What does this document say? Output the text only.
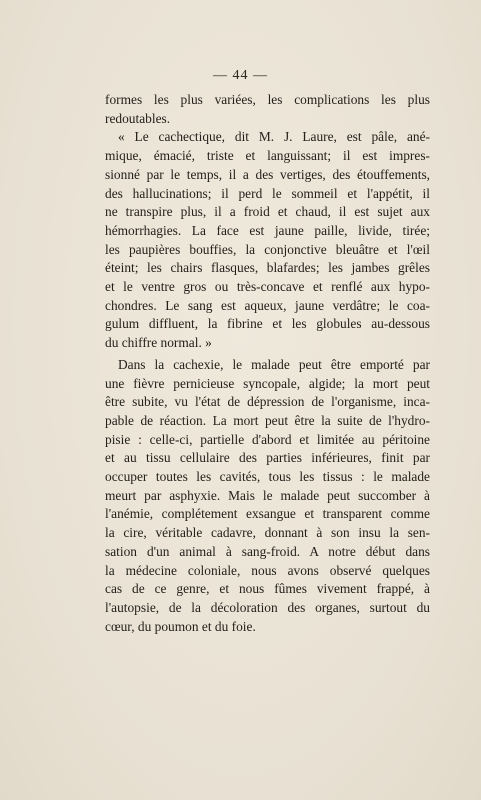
— 44 —

formes les plus variées, les complications les plus
redoutables.

« Le cachectique, dit M. J. Laure, est pâle, ané-
mique, émacié, triste et languissant; il est impres-
sionné par le temps, il a des vertiges, des étouffements,
des hallucinations; il perd le sommeil et l'appétit, il
ne transpire plus, il a froid et chaud, il est sujet aux
hémorrhagies. La face est jaune paille, livide, tirée;
les paupières bouffies, la conjonctive bleuâtre et l'œil
éteint; les chairs flasques, blafardes; les jambes grêles
et le ventre gros ou très-concave et renflé aux hypo-
chondres. Le sang est aqueux, jaune verdâtre; le coa-
gulum diffluent, la fibrine et les globules au-dessous
du chiffre normal. »

Dans la cachexie, le malade peut être emporté par
une fièvre pernicieuse syncopale, algide; la mort peut
être subite, vu l'état de dépression de l'organisme, inca-
pable de réaction. La mort peut être la suite de l'hydro-
pisie : celle-ci, partielle d'abord et limitée au péritoine
et au tissu cellulaire des parties inférieures, finit par
occuper toutes les cavités, tous les tissus : le malade
meurt par asphyxie. Mais le malade peut succomber à
l'anémie, complétement exsangue et transparent comme
la cire, véritable cadavre, donnant à son insu la sen-
sation d'un animal à sang-froid. A notre début dans
la médecine coloniale, nous avons observé quelques
cas de ce genre, et nous fûmes vivement frappé, à
l'autopsie, de la décoloration des organes, surtout du
cœur, du poumon et du foie.
